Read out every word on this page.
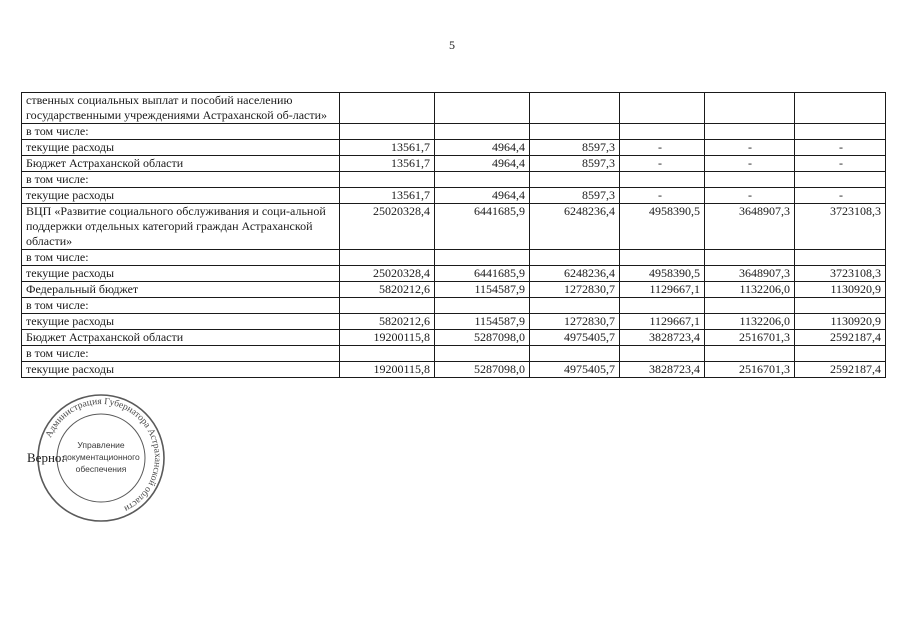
5
ственных социальных выплат и пособий населению государственными учреждениями Астраханской об-ласти»						
в том числе:						
текущие расходы	13561,7	4964,4	8597,3	-	-	-
Бюджет Астраханской области	13561,7	4964,4	8597,3	-	-	-
в том числе:						
текущие расходы	13561,7	4964,4	8597,3	-	-	-
ВЦП «Развитие социального обслуживания и соци-альной поддержки отдельных категорий граждан Астраханской области»	25020328,4	6441685,9	6248236,4	4958390,5	3648907,3	3723108,3
в том числе:						
текущие расходы	25020328,4	6441685,9	6248236,4	4958390,5	3648907,3	3723108,3
Федеральный бюджет	5820212,6	1154587,9	1272830,7	1129667,1	1132206,0	1130920,9
в том числе:						
текущие расходы	5820212,6	1154587,9	1272830,7	1129667,1	1132206,0	1130920,9
Бюджет Астраханской области	19200115,8	5287098,0	4975405,7	3828723,4	2516701,3	2592187,4
в том числе:						
текущие расходы	19200115,8	5287098,0	4975405,7	3828723,4	2516701,3	2592187,4
Администрация Губернатора Астраханской области
Управление
документационного
обеспечения
Верно:
